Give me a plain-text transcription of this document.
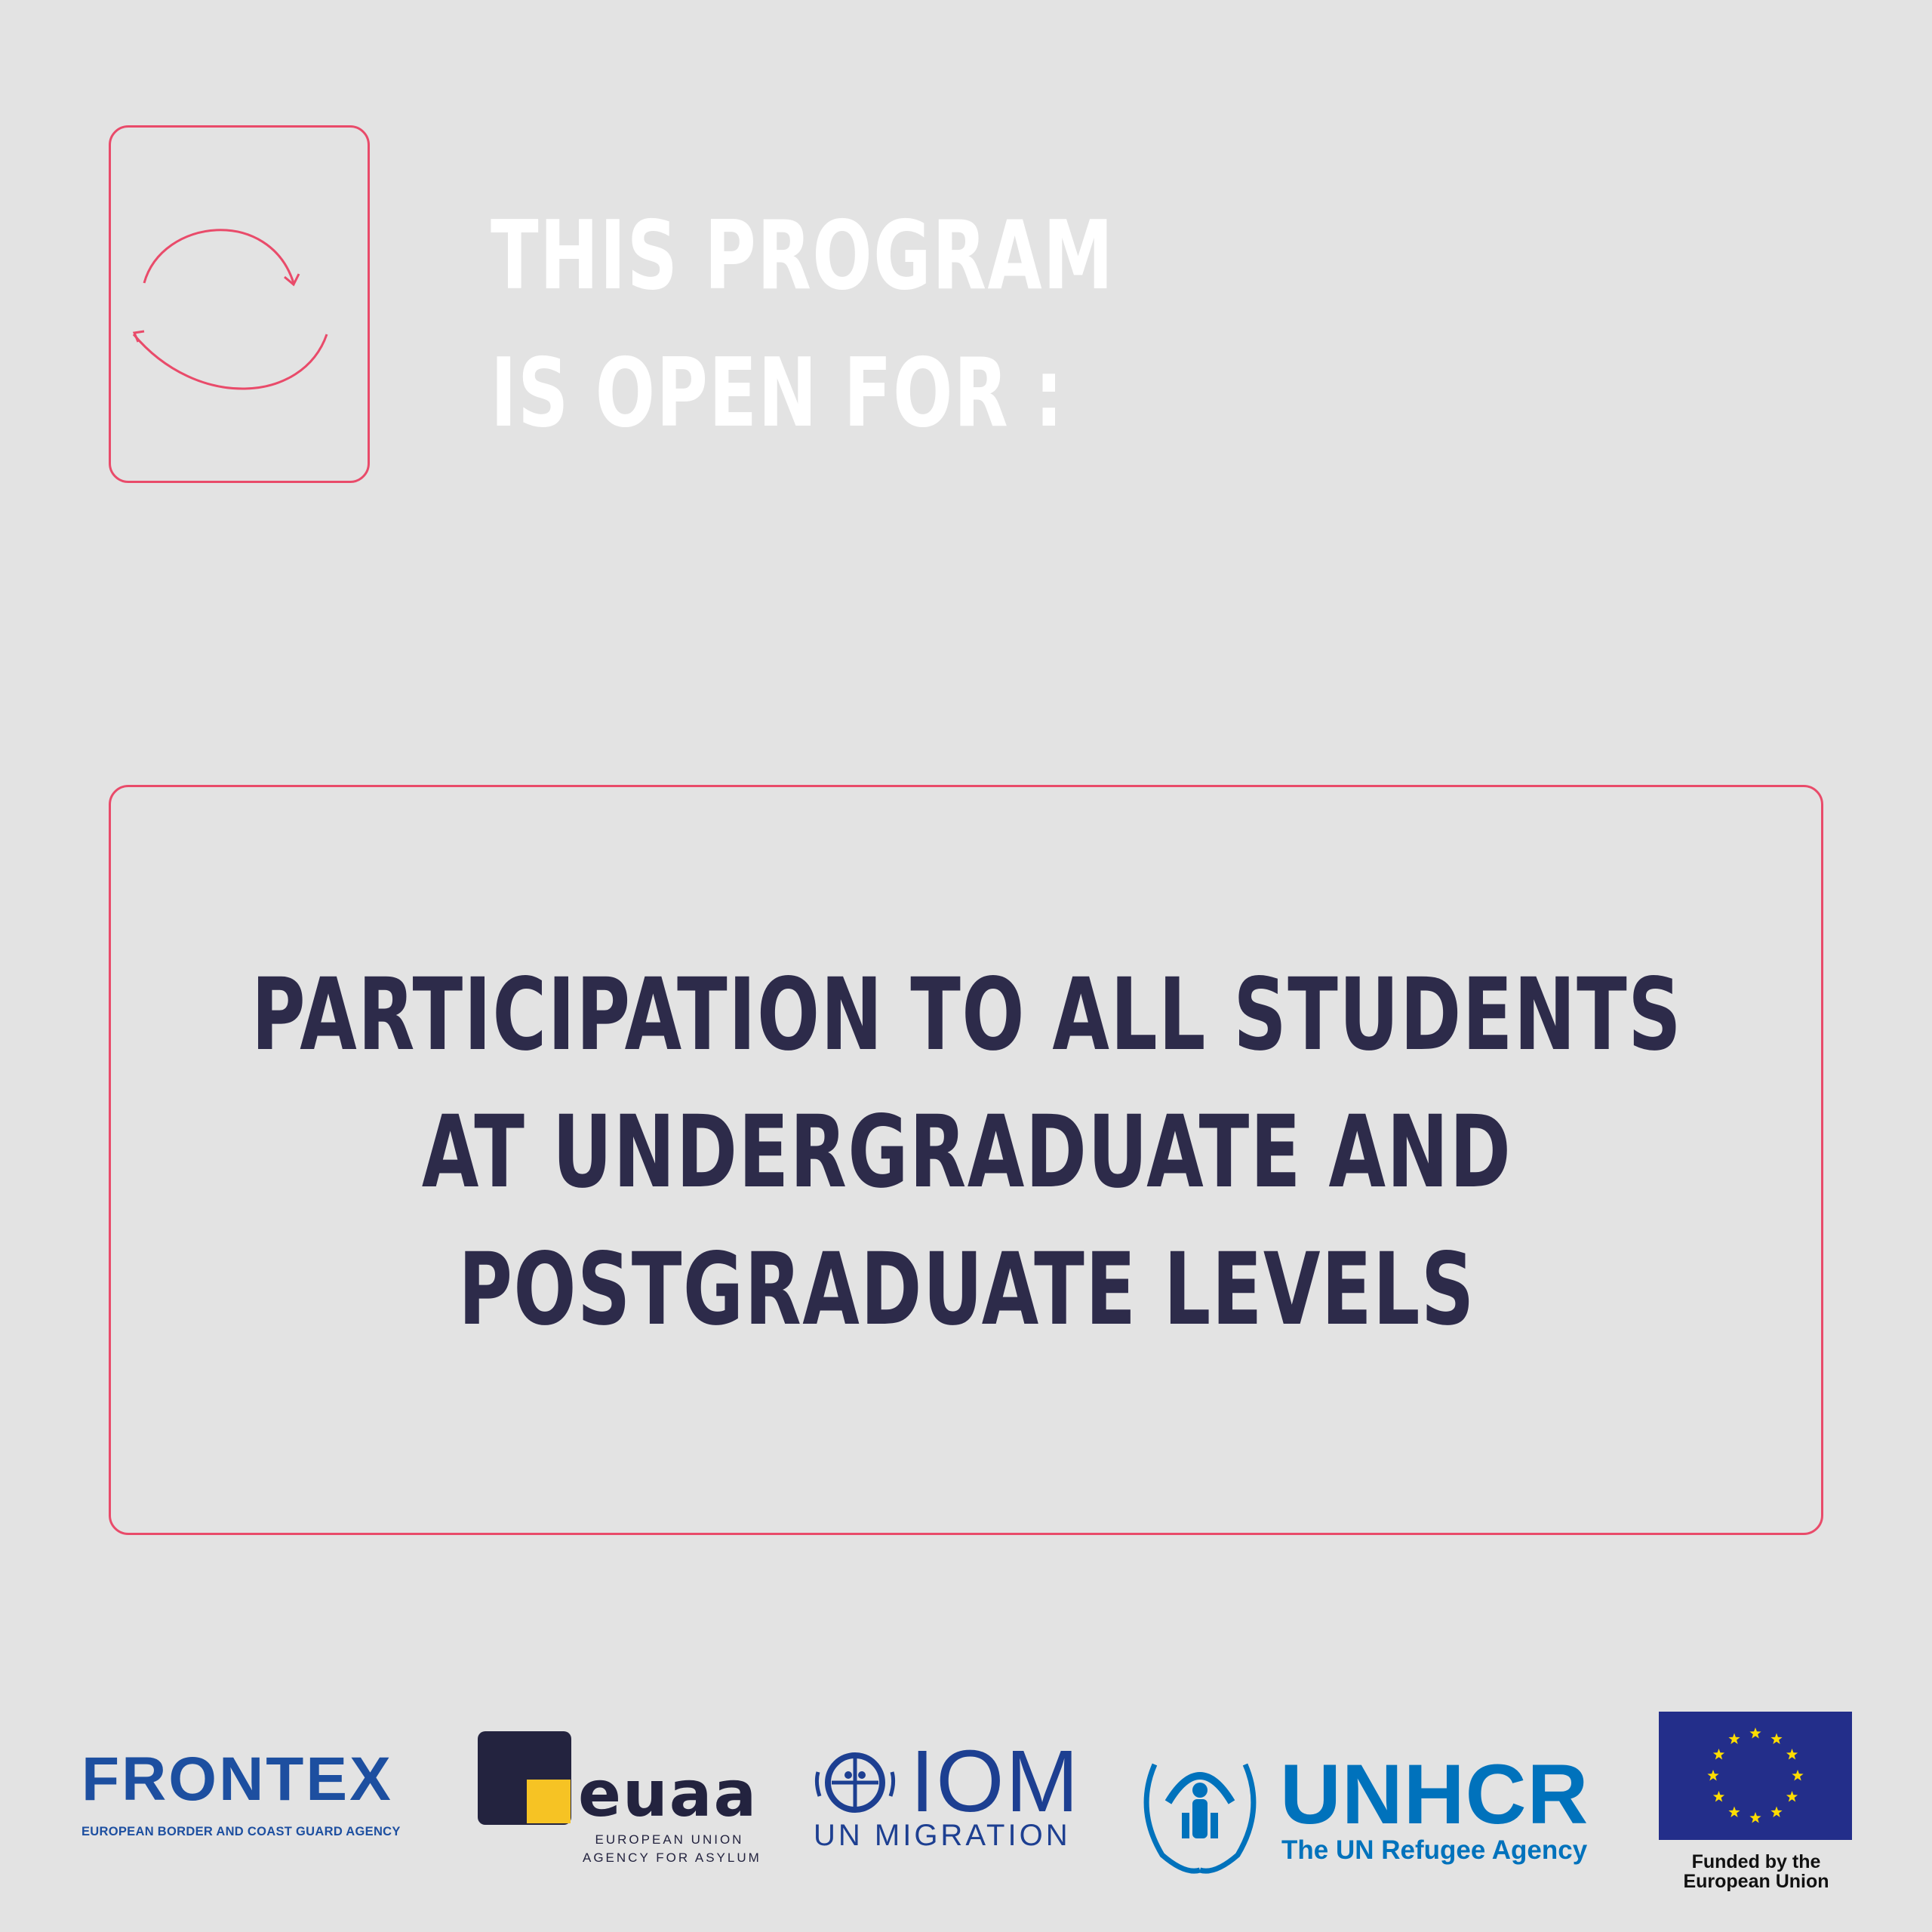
THIS PROGRAM
IS OPEN FOR :
PARTICIPATION TO ALL STUDENTS
AT UNDERGRADUATE AND
POSTGRADUATE LEVELS
FRONTEX
EUROPEAN BORDER AND COAST GUARD AGENCY
euaa
EUROPEAN UNION
AGENCY FOR ASYLUM
IOM
UN MIGRATION UNHCR
The UN Refugee Agency	Funded by the
European Union
